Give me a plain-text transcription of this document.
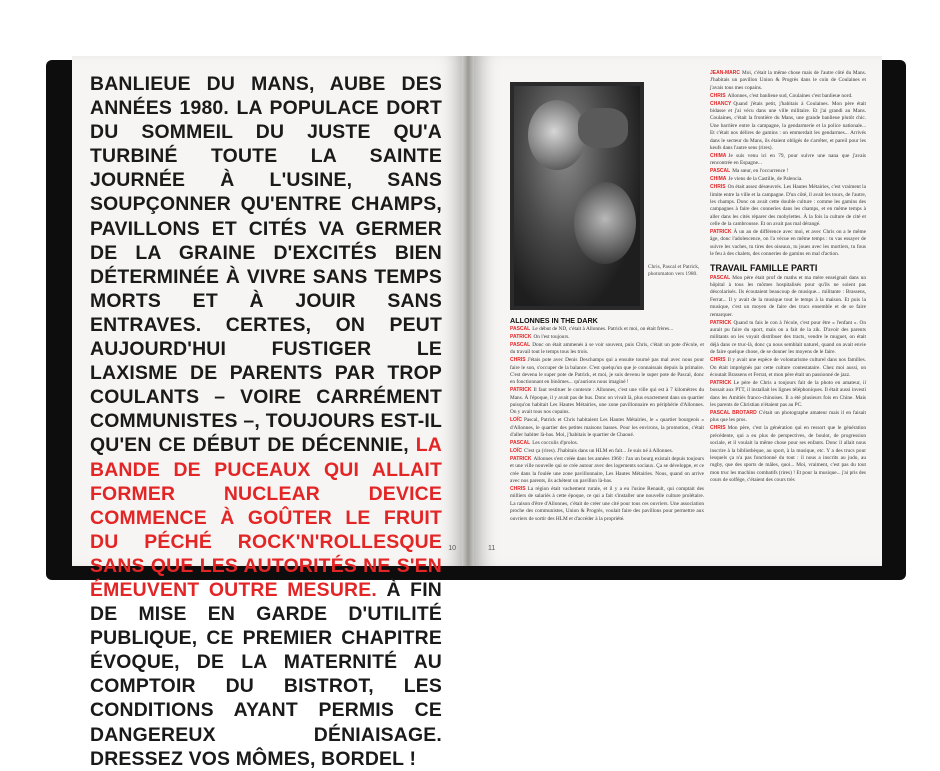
BANLIEUE DU MANS, AUBE DES ANNÉES 1980. LA POPULACE DORT DU SOMMEIL DU JUSTE QU'A TURBINÉ TOUTE LA SAINTE JOURNÉE À L'USINE, SANS SOUPÇONNER QU'ENTRE CHAMPS, PAVILLONS ET CITÉS VA GERMER DE LA GRAINE D'EXCITÉS BIEN DÉTERMINÉE À VIVRE SANS TEMPS MORTS ET À JOUIR SANS ENTRAVES. CERTES, ON PEUT AUJOURD'HUI FUSTIGER LE LAXISME DE PARENTS PAR TROP COULANTS – VOIRE CARRÉMENT COMMUNISTES –, TOUJOURS EST-IL QU'EN CE DÉBUT DE DÉCENNIE, LA BANDE DE PUCEAUX QUI ALLAIT FORMER NUCLEAR DEVICE COMMENCE À GOÛTER LE FRUIT DU PÉCHÉ ROCK'N'ROLLESQUE SANS QUE LES AUTORITÉS NE S'EN ÉMEUVENT OUTRE MESURE. À FIN DE MISE EN GARDE D'UTILITÉ PUBLIQUE, CE PREMIER CHAPITRE ÉVOQUE, DE LA MATERNITÉ AU COMPTOIR DU BISTROT, LES CONDITIONS AYANT PERMIS CE DANGEREUX DÉNIAISAGE. DRESSEZ VOS MÔMES, BORDEL !
10
Chris, Pascal et Patrick, photomaton vers 1980.
ALLONNES IN THE DARK
PASCAL Le début de ND, c'était à Allonnes. Patrick et moi, on était frères...
PATRICK On l'est toujours.
PASCAL Donc on était ammenés à se voir souvent, puis Chris, c'était un pote d'école, et du travail tout le temps tous les trois.
CHRIS J'étais pote avec Denis Deschamps qui a ensuite tourné pas mal avec nous pour faire le son, s'occuper de la balance. C'est quelqu'un que je connaissais depuis la primaire. C'est devenu le super pote de Patrick, et moi, je suis devenu le super pote de Pascal, donc en fonctionnant en binômes... qu'aurions nous imaginé !
PATRICK Il faut restituer le contexte : Allonnes, c'est une ville qui est à 7 kilomètres du Mans. À l'époque, il y avait pas de bus. Donc on vivait là, plus exactement dans un quartier puisqu'on habitait Les Hautes Métairies, une zone pavillonnaire en périphérie d'Allonnes. On y avait tous nos copains.
LOÏC Pascal, Patrick et Chris habitaient Les Hautes Métairies, le « quartier bourgeois » d'Allonnes, le quartier des petites maisons basses. Pour les environs, la promotion, c'était d'aller habiter là-bas. Moi, j'habitais le quartier de Chaoué.
PASCAL Les cocculis d'prolos.
LOÏC C'est ça (rires). J'habitais dans un HLM en fait... Je suis né à Allonnes.
PATRICK Allonnes s'est créée dans les années 1960 : l'an un bourg existait depuis toujours et une ville nouvelle qui se crée autour avec des logements sociaux. Ça se développe, et ce crée dans la foulée une zone pavillonnaire, Les Hautes Métairies. Nous, quand on arrive avec nos parents, ils achètent un pavillon là-bas.
CHRIS La région était vachement rurale, et il y a eu l'usine Renault, qui comptait des milliers de salariés à cette époque, ce qui a fait s'installer une nouvelle culture prolétaire. La raison d'être d'Allonnes, c'était de créer une cité pour tous ces ouvriers. Une association proche des communistes, Union & Progrès, voulait faire des pavillons pour permettre aux ouvriers de sortir des HLM et d'accéder à la propriété.
JEAN-MARC Moi, c'était la même chose mais de l'autre côté du Mans. J'habitais un pavillon Union & Progrès dans le coin de Coulaines et j'avais tous mes copains.
CHRIS Allonnes, c'est banlieue sud, Coulaines c'est banlieue nord.
CHANCY Quand j'étais petit, j'habitais à Coulaines. Mon père était bidasse et j'ai vécu dans une ville militaire. Et j'ai grandi au Mans. Coulaines, c'était la frontière du Mans, une grande banlieue plutôt chic. Une barrière entre la campagne, la gendarmerie et la police nationale... Et c'était nos délires de gamins : on emmerdait les gendarmes... Arrivés dans le secteur du Mans, ils étaient obligés de s'arrêter, et pareil pour les keufs dans l'autre sens (rires).
CHIMA Je suis venu ici en 79, pour suivre une nana que j'avais rencontrée en Espagne...
PASCAL Ma sœur, en l'occurrence !
CHIMA Je viens de la Castille, de Palencia.
CHRIS On était assez désœuvrés. Les Hautes Métairies, c'est vraiment la limite entre la ville et la campagne. D'un côté, il avait les tours, de l'autre, les champs. Donc on avait cette double culture : comme les gamins des campagnes à faire des conneries dans les champs, et en même temps à aller dans les cités réparer des mobylettes. À la fois la culture de cité et celle de la cambrousse. Et on avait pas mal dérangé.
PATRICK À un an de différence avec moi, et avec Chris on a le même âge, donc l'adolescence, on l'a vécue en même temps : tu vas essayer de suivre les vaches, tu tires des oiseaux, tu joues avec les mortiers, tu fous le feu à des chalets, des conneries de gamins en mal d'action.
TRAVAIL FAMILLE PARTI
PASCAL Mon père était prof de maths et ma mère enseignait dans un hôpital à tous les mômes hospitalisés pour qu'ils ne soient pas déscolarisés. Ils écoutaient beaucoup de musique... militante : Brassens, Ferrat... Il y avait de la musique tout le temps à la maison. Et puis la musique, c'est un moyen de faire des trucs ensemble et de se faire remarquer.
PATRICK Quand tu fais le con à l'école, c'est pour être « l'enfant ». On aurait pu faire du sport, mais on a fait de la zik. D'avoir des parents militants on les voyait distribuer des tracts, vendre le muguet, on était déjà dans ce truc-là, donc ça nous semblait naturel, quand on avait envie de faire quelque chose, de se donner les moyens de le faire.
CHRIS Il y avait une espèce de volontarisme culturel dans nos familles. On était imprégnés par cette culture contestataire. Chez moi aussi, on écoutait Brassens et Ferrat, et mon père était un passionné de jazz.
PATRICK Le père de Chris a toujours fait de la photo en amateur, il bossait aux PTT, il installait les lignes téléphoniques. Il était aussi investi dans les Amitiés franco-chinoises. Il a été plusieurs fois en Chine. Mais les parents de Christian n'étaient pas au PC.
PASCAL BROTARD C'était un photographe amateur mais il en faisait plus que les pros.
CHRIS Mon père, c'est la génération qui en ressort que le génération précédente, qui a eu plus de perspectives, de boulot, de progression sociale, et il voulait la même chose pour ses enfants. Donc il allait nous inscrire à la bibliothèque, au sport, à la musique, etc. Y a des trucs pour lesquels ça n'a pas fonctionné du tout : il nous a inscrits au judo, au rugby, que des sports de mâles, quoi... Moi, vraiment, c'est pas du tout mon truc les machins combatifs (rires) ! Et pour la musique... j'ai pris des cours de solfège, c'étaient des cours très
11
